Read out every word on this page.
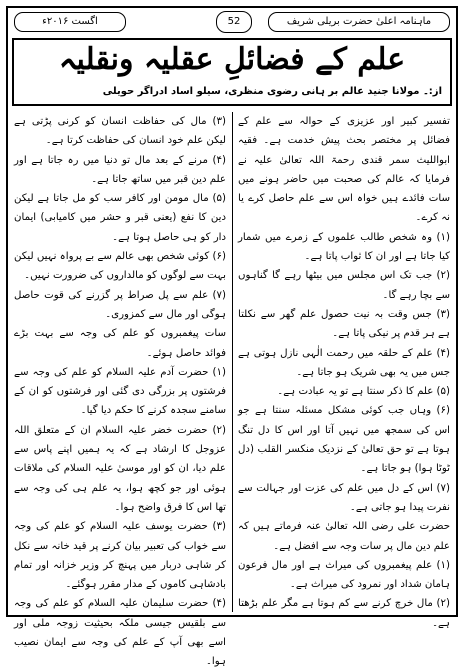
ماہنامہ اعلیٰ حضرت بریلی شریف
52
اگست ۲۰۱۶ء
علم کے فضائلِ عقلیہ ونقلیہ
از:۔ مولانا جنید عالم بر ہانی رضوی منظری، سیلو اساد ادراگر حویلی

تفسیر کبیر اور عزیزی کے حوالہ سے علم کے فضائل پر مختصر بحث پیش خدمت ہے۔ فقیہ ابواللیث سمر قندی رحمۃ اللہ تعالیٰ علیہ نے فرمایا کہ عالم کی صحبت میں حاضر ہونے میں سات فائدے ہیں خواہ اس سے علم حاصل کرے یا نہ کرے۔

(۱) وہ شخص طالب علموں کے زمرے میں شمار کیا جاتا ہے اور ان کا ثواب پاتا ہے۔

(۲) جب تک اس مجلس میں بیٹھا رہے گا گناہوں سے بچا رہے گا۔

(۳) جس وقت بہ نیت حصول علم گھر سے نکلتا ہے ہر قدم پر نیکی پاتا ہے۔

(۴) علم کے حلقہ میں رحمت الٰہی نازل ہوتی ہے جس میں یہ بھی شریک ہو جاتا ہے۔

(۵) علم کا ذکر سنتا ہے تو یہ عبادت ہے۔

(۶) وہاں جب کوئی مشکل مسئلہ سنتا ہے جو اس کی سمجھ میں نہیں آتا اور اس کا دل تنگ ہوتا ہے تو حق تعالیٰ کے نزدیک منکسر القلب (دل ٹوٹا ہوا) ہو جاتا ہے۔

(۷) اس کے دل میں علم کی عزت اور جہالت سے نفرت پیدا ہو جاتی ہے۔

حضرت علی رضی اللہ تعالیٰ عنہ فرماتے ہیں کہ علم دین مال پر سات وجہ سے افضل ہے۔

(۱) علم پیغمبروں کی میراث ہے اور مال فرعون ہامان شداد اور نمرود کی میراث ہے۔

(۲) مال خرچ کرنے سے کم ہوتا ہے مگر علم بڑھتا ہے۔

(۳) مال کی حفاظت انسان کو کرنی پڑتی ہے لیکن علم خود انسان کی حفاظت کرتا ہے۔

(۴) مرنے کے بعد مال تو دنیا میں رہ جاتا ہے اور علم دین قبر میں ساتھ جاتا ہے۔

(۵) مال مومن اور کافر سب کو مل جاتا ہے لیکن دین کا نفع (یعنی قبر و حشر میں کامیابی) ایمان دار کو ہی حاصل ہوتا ہے۔

(۶) کوئی شخص بھی عالم سے بے پرواہ نہیں لیکن بہت سے لوگوں کو مالداروں کی ضرورت نہیں۔

(۷) علم سے پل صراط پر گزرنے کی قوت حاصل ہوگی اور مال سے کمزوری۔

سات پیغمبروں کو علم کی وجہ سے بہت بڑے فوائد حاصل ہوئے۔

(۱) حضرت آدم علیہ السلام کو علم کی وجہ سے فرشتوں پر بزرگی دی گئی اور فرشتوں کو ان کے سامنے سجدہ کرنے کا حکم دیا گیا۔

(۲) حضرت خضر علیہ السلام ان کے متعلق اللہ عزوجل کا ارشاد ہے کہ یہ ہمیں اپنے پاس سے علم دیا، ان کو اور موسیٰ علیہ السلام کی ملاقات ہوئی اور جو کچھ ہوا، یہ علم ہی کی وجہ سے تھا اس کا فرق واضح ہوا۔

(۳) حضرت یوسف علیہ السلام کو علم کی وجہ سے خواب کی تعبیر بیان کرنے پر قید خانہ سے نکل کر شاہی دربار میں پہنچ کر وزیر خزانہ اور تمام بادشاہی کاموں کے مدار مقرر ہوگئے۔

(۴) حضرت سلیمان علیہ السلام کو علم کی وجہ سے بلقیس جیسی ملکہ بحیثیت زوجہ ملی اور اسے بھی آپ کے علم کی وجہ سے ایمان نصیب ہوا۔
